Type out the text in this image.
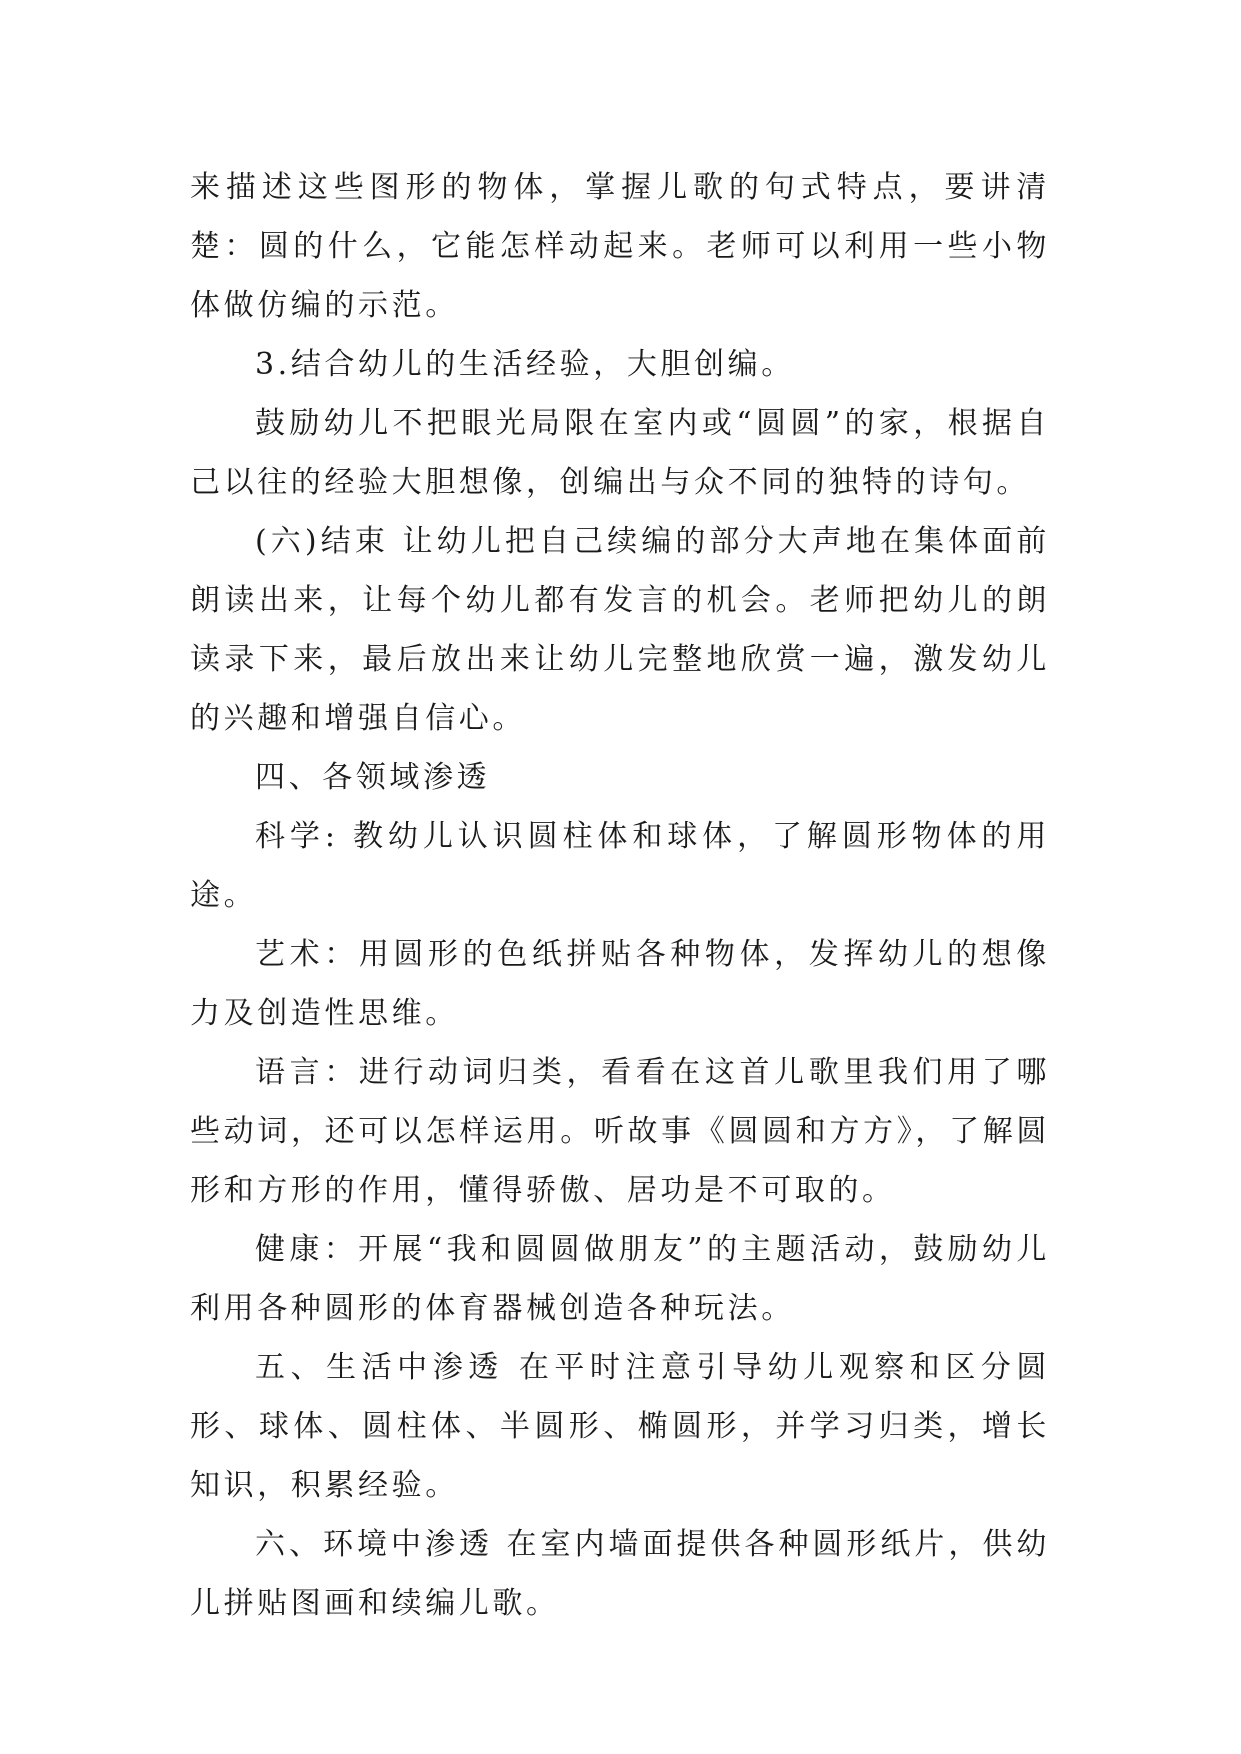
来描述这些图形的物体，掌握儿歌的句式特点，要讲清楚：圆的什么，它能怎样动起来。老师可以利用一些小物体做仿编的示范。

3.结合幼儿的生活经验，大胆创编。

鼓励幼儿不把眼光局限在室内或“圆圆”的家，根据自己以往的经验大胆想像，创编出与众不同的独特的诗句。

(六)结束 让幼儿把自己续编的部分大声地在集体面前朗读出来，让每个幼儿都有发言的机会。老师把幼儿的朗读录下来，最后放出来让幼儿完整地欣赏一遍，激发幼儿的兴趣和增强自信心。

四、各领域渗透

科学: 教幼儿认识圆柱体和球体，了解圆形物体的用途。

艺术：用圆形的色纸拼贴各种物体，发挥幼儿的想像力及创造性思维。

语言：进行动词归类，看看在这首儿歌里我们用了哪些动词，还可以怎样运用。听故事《圆圆和方方》，了解圆形和方形的作用，懂得骄傲、居功是不可取的。

健康：开展“我和圆圆做朋友”的主题活动，鼓励幼儿利用各种圆形的体育器械创造各种玩法。

五、生活中渗透 在平时注意引导幼儿观察和区分圆形、球体、圆柱体、半圆形、椭圆形，并学习归类，增长知识，积累经验。

六、环境中渗透 在室内墙面提供各种圆形纸片，供幼儿拼贴图画和续编儿歌。
